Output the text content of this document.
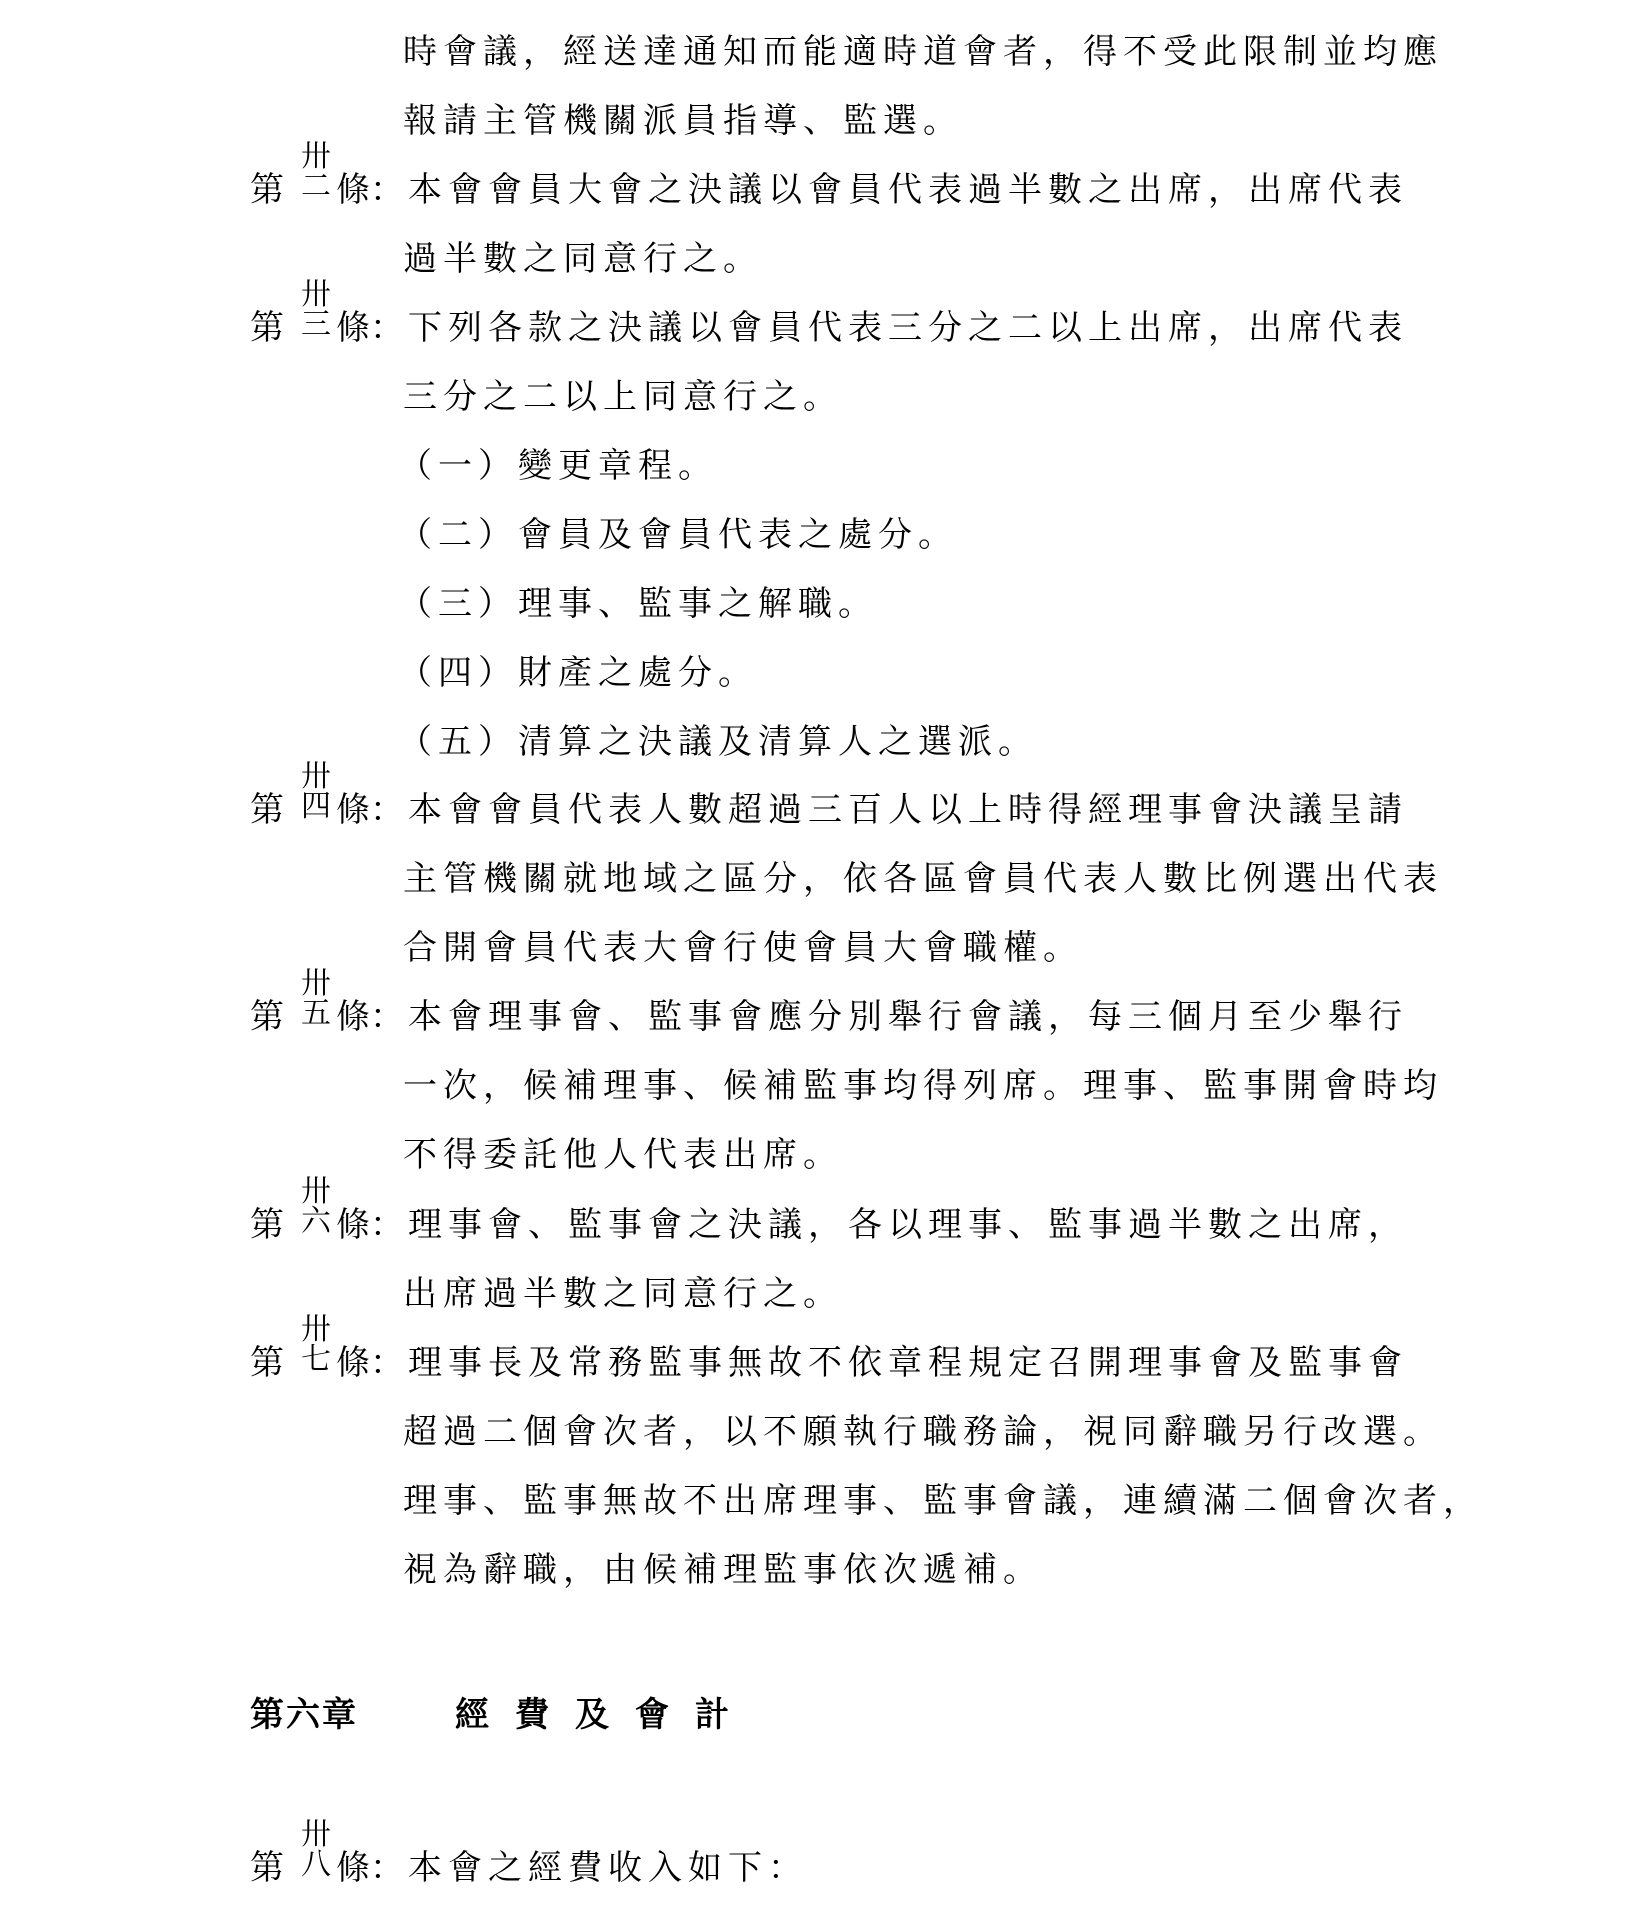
時會議，經送達通知而能適時道會者，得不受此限制並均應
報請主管機關派員指導、監選。
第
卅
二 條： 本會會員大會之決議以會員代表過半數之出席，出席代表
過半數之同意行之。
第
卅
三 條： 下列各款之決議以會員代表三分之二以上出席，出席代表
三分之二以上同意行之。
（一）變更章程。
（二）會員及會員代表之處分。
（三）理事、監事之解職。
（四）財產之處分。
（五）清算之決議及清算人之選派。
第
卅
四 條： 本會會員代表人數超過三百人以上時得經理事會決議呈請
主管機關就地域之區分，依各區會員代表人數比例選出代表
合開會員代表大會行使會員大會職權。
第
卅
五 條： 本會理事會、監事會應分別舉行會議，每三個月至少舉行
一次，候補理事、候補監事均得列席。理事、監事開會時均
不得委託他人代表出席。
第
卅
六 條： 理事會、監事會之決議，各以理事、監事過半數之出席，
出席過半數之同意行之。
第
卅
七 條： 理事長及常務監事無故不依章程規定召開理事會及監事會
超過二個會次者，以不願執行職務論，視同辭職另行改選。
理事、監事無故不出席理事、監事會議，連續滿二個會次者，
視為辭職，由候補理監事依次遞補。
第六章	經費及會計
第
卅
八 條： 本會之經費收入如下：
